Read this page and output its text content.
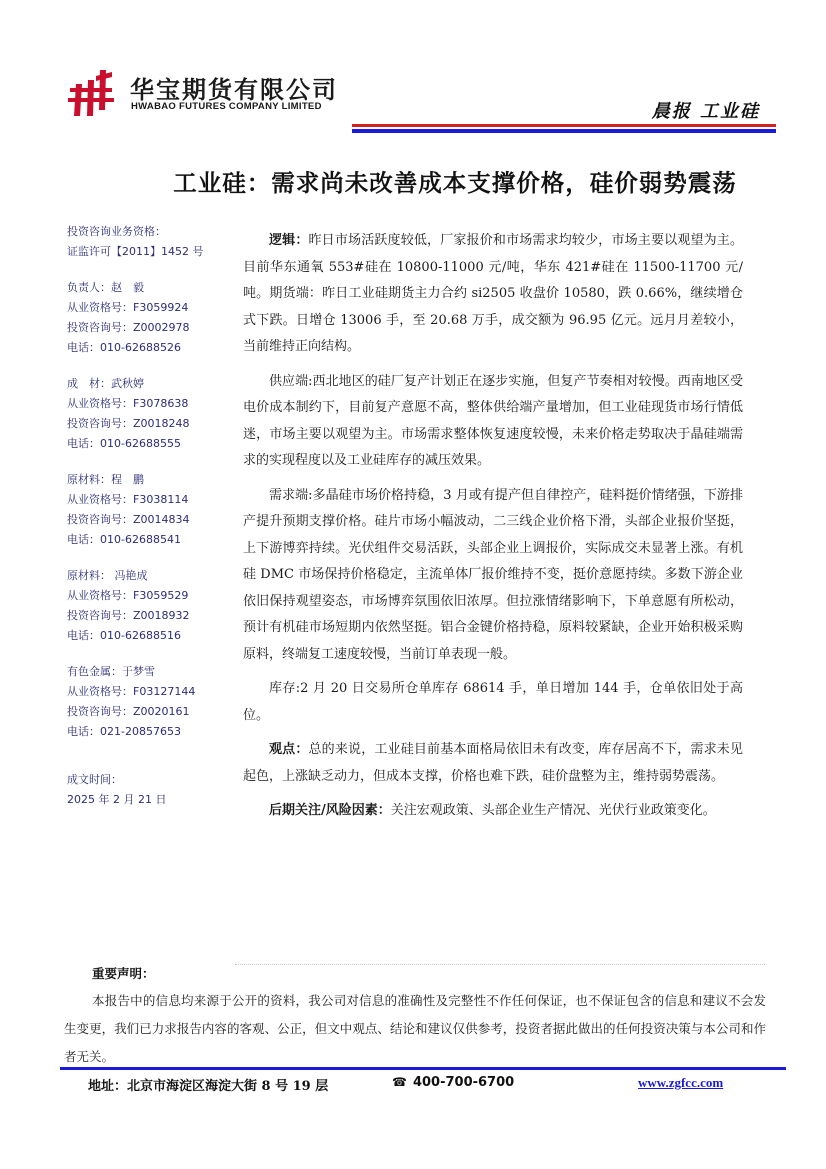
华宝期货有限公司
HWABAO FUTURES COMPANY LIMITED	晨报 工业硅
工业硅：需求尚未改善成本支撑价格，硅价弱势震荡
投资咨询业务资格：
证监许可【2011】1452 号
负责人：赵　毅
从业资格号：F3059924
投资咨询号：Z0002978
电话：010-62688526
成　材：武秋婷
从业资格号：F3078638
投资咨询号：Z0018248
电话：010-62688555
原材料：程　鹏
从业资格号：F3038114
投资咨询号：Z0014834
电话：010-62688541
原材料： 冯艳成
从业资格号：F3059529
投资咨询号：Z0018932
电话：010-62688516
有色金属：于梦雪
从业资格号：F03127144
投资咨询号：Z0020161
电话：021-20857653
成文时间：
2025 年 2 月 21 日

逻辑：昨日市场活跃度较低，厂家报价和市场需求均较少，市场主要以观望为主。目前华东通氧 553#硅在 10800-11000 元/吨，华东 421#硅在 11500-11700 元/吨。期货端：昨日工业硅期货主力合约 si2505 收盘价 10580，跌 0.66%，继续增仓式下跌。日增仓 13006 手，至 20.68 万手，成交额为 96.95 亿元。远月月差较小，当前维持正向结构。

供应端:西北地区的硅厂复产计划正在逐步实施，但复产节奏相对较慢。西南地区受电价成本制约下，目前复产意愿不高，整体供给端产量增加，但工业硅现货市场行情低迷，市场主要以观望为主。市场需求整体恢复速度较慢，未来价格走势取决于晶硅端需求的实现程度以及工业硅库存的减压效果。

需求端:多晶硅市场价格持稳，3 月或有提产但自律控产，硅料挺价情绪强，下游排产提升预期支撑价格。硅片市场小幅波动，二三线企业价格下滑，头部企业报价坚挺，上下游博弈持续。光伏组件交易活跃，头部企业上调报价，实际成交未显著上涨。有机硅 DMC 市场保持价格稳定，主流单体厂报价维持不变，挺价意愿持续。多数下游企业依旧保持观望姿态，市场博弈氛围依旧浓厚。但拉涨情绪影响下，下单意愿有所松动，预计有机硅市场短期内依然坚挺。铝合金键价格持稳，原料较紧缺，企业开始积极采购原料，终端复工速度较慢，当前订单表现一般。

库存:2 月 20 日交易所仓单库存 68614 手，单日增加 144 手，仓单依旧处于高位。

观点：总的来说，工业硅目前基本面格局依旧未有改变，库存居高不下，需求未见起色，上涨缺乏动力，但成本支撑，价格也难下跌，硅价盘整为主，维持弱势震荡。

后期关注/风险因素：关注宏观政策、头部企业生产情况、光伏行业政策变化。

重要声明：
本报告中的信息均来源于公开的资料，我公司对信息的准确性及完整性不作任何保证，也不保证包含的信息和建议不会发生变更，我们已力求报告内容的客观、公正，但文中观点、结论和建议仅供参考，投资者据此做出的任何投资决策与本公司和作者无关。
地址：北京市海淀区海淀大街 8 号 19 层	☎ 400-700-6700	www.zgfcc.com
